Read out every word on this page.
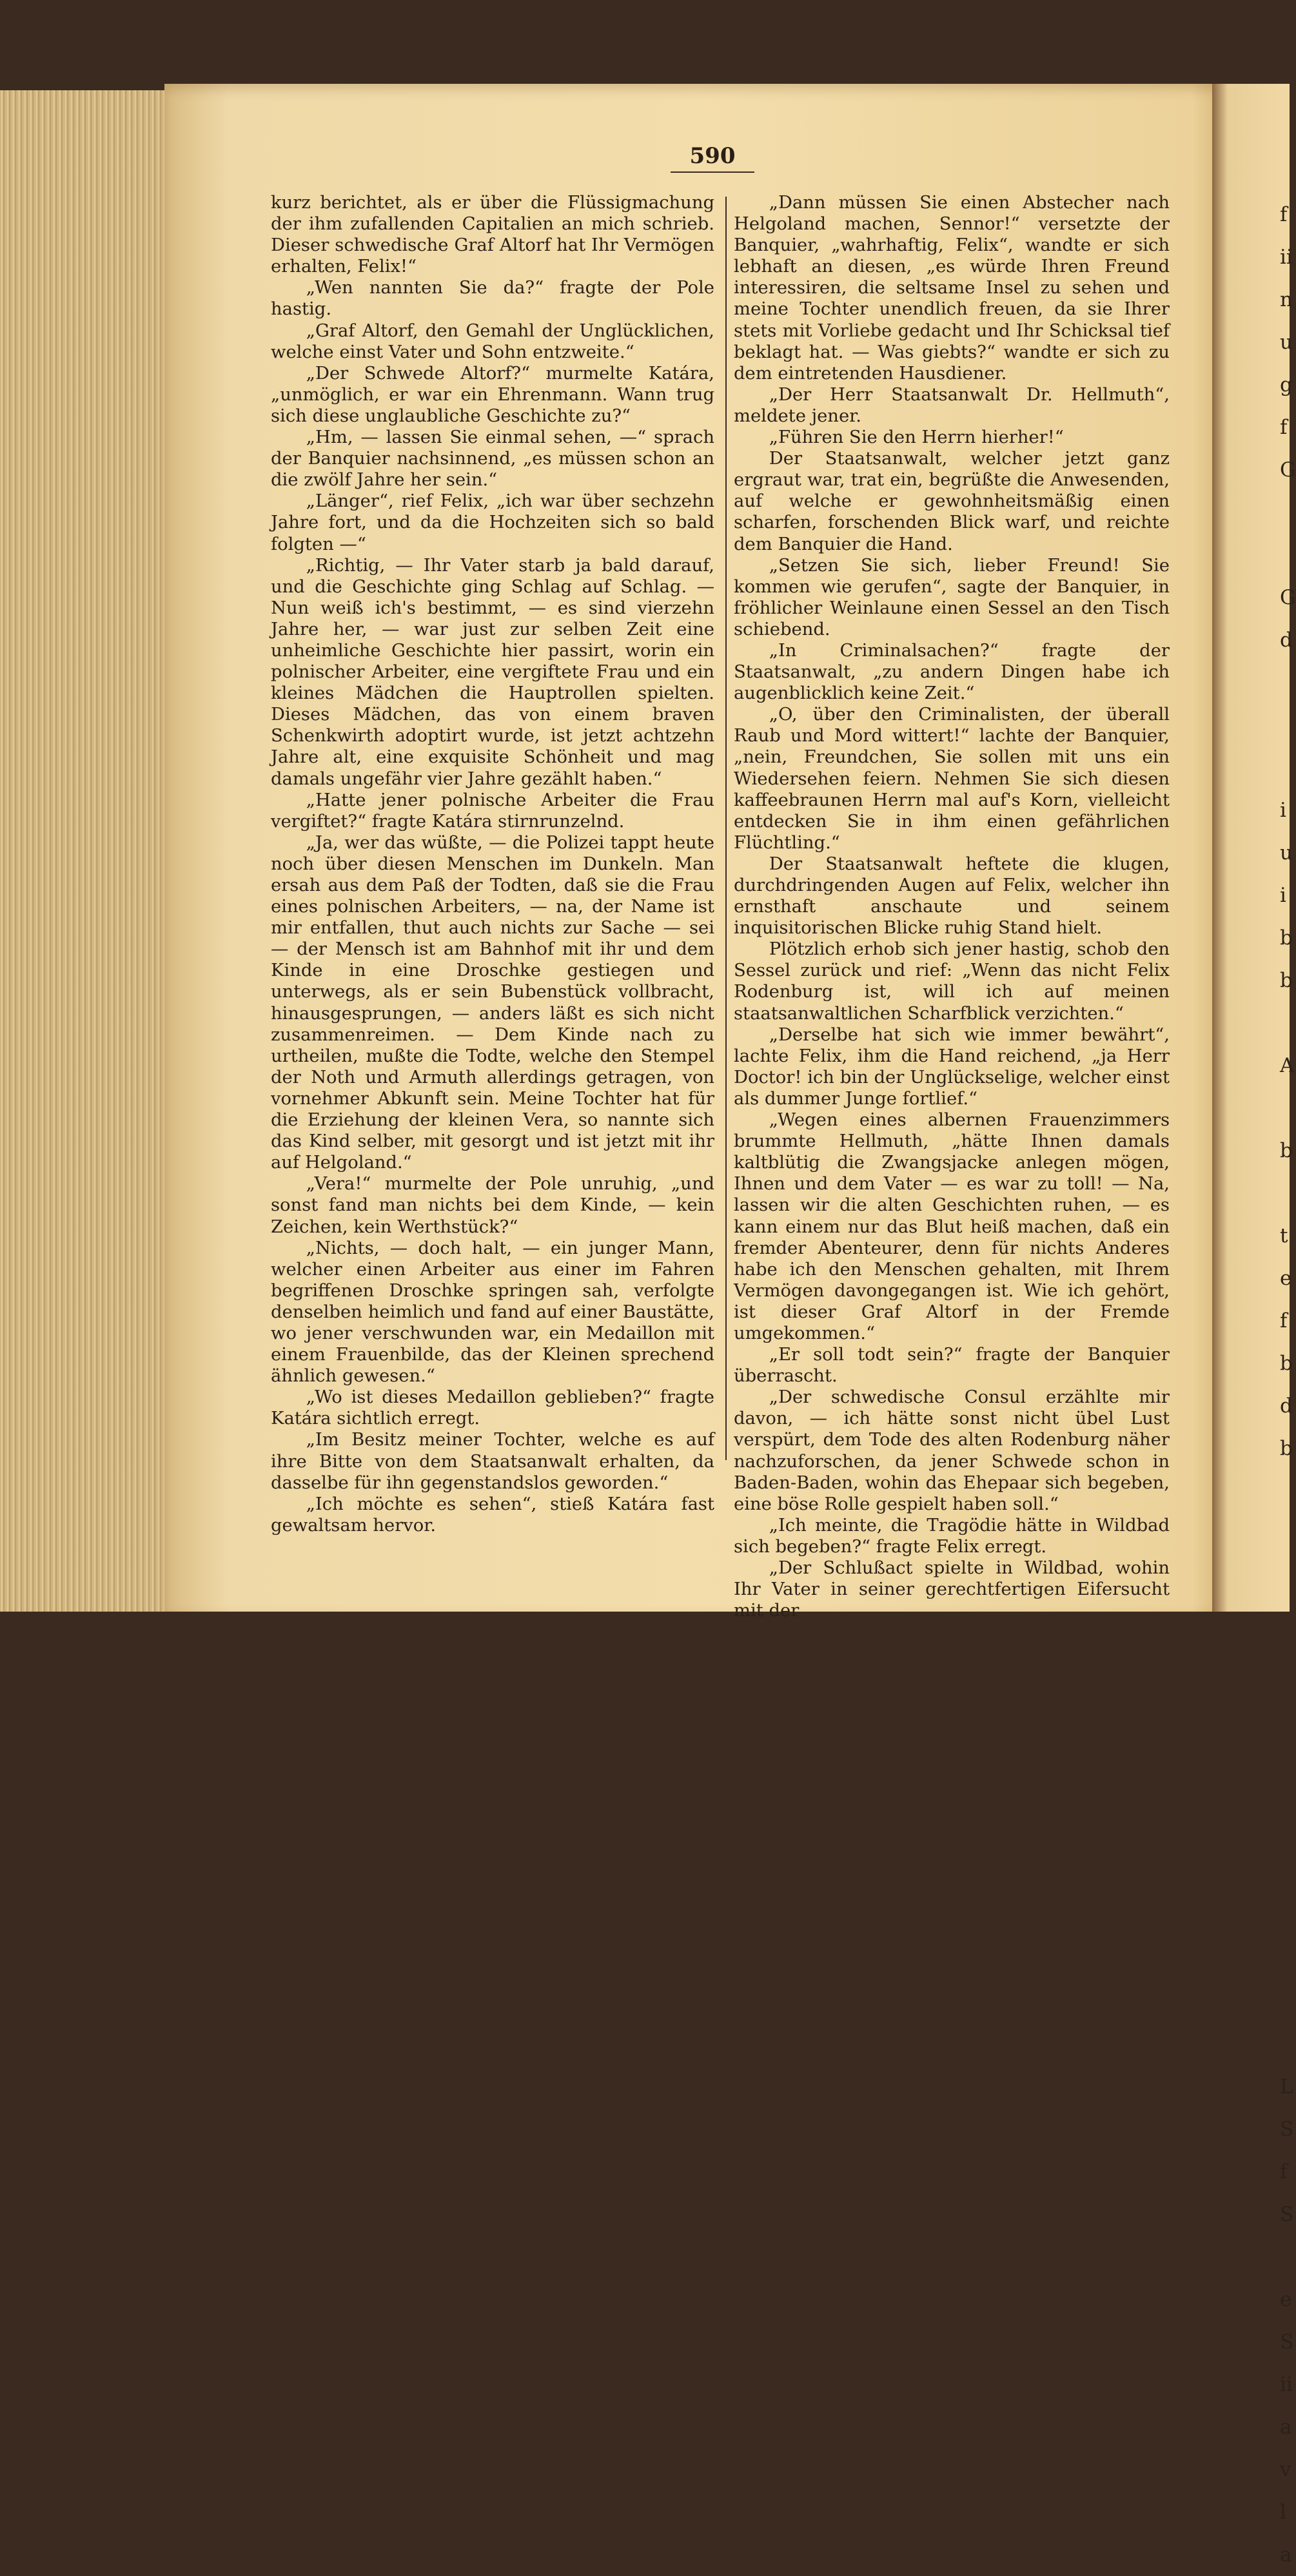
f
ii
n
u
g
f
G

G
d

i
u
i
b
b

A

b

t
e
f
b
d
b

L
S
f
S

e
S
ii
a
v
l
a
590

kurz berichtet, als er über die Flüssigmachung der ihm zufallenden Capitalien an mich schrieb. Dieser schwedische Graf Altorf hat Ihr Vermögen erhalten, Felix!“

„Wen nannten Sie da?“ fragte der Pole hastig.

„Graf Altorf, den Gemahl der Unglücklichen, welche einst Vater und Sohn entzweite.“

„Der Schwede Altorf?“ murmelte Katára, „unmöglich, er war ein Ehrenmann. Wann trug sich diese unglaubliche Geschichte zu?“

„Hm, — lassen Sie einmal sehen, —“ sprach der Banquier nachsinnend, „es müssen schon an die zwölf Jahre her sein.“

„Länger“, rief Felix, „ich war über sechzehn Jahre fort, und da die Hochzeiten sich so bald folgten —“

„Richtig, — Ihr Vater starb ja bald darauf, und die Geschichte ging Schlag auf Schlag. — Nun weiß ich's bestimmt, — es sind vierzehn Jahre her, — war just zur selben Zeit eine unheimliche Geschichte hier passirt, worin ein polnischer Arbeiter, eine vergiftete Frau und ein kleines Mädchen die Hauptrollen spielten. Dieses Mädchen, das von einem braven Schenkwirth adoptirt wurde, ist jetzt achtzehn Jahre alt, eine exquisite Schönheit und mag damals ungefähr vier Jahre gezählt haben.“

„Hatte jener polnische Arbeiter die Frau vergiftet?“ fragte Katára stirnrunzelnd.

„Ja, wer das wüßte, — die Polizei tappt heute noch über diesen Menschen im Dunkeln. Man ersah aus dem Paß der Todten, daß sie die Frau eines polnischen Arbeiters, — na, der Name ist mir entfallen, thut auch nichts zur Sache — sei — der Mensch ist am Bahnhof mit ihr und dem Kinde in eine Droschke gestiegen und unterwegs, als er sein Bubenstück vollbracht, hinausgesprungen, — anders läßt es sich nicht zusammenreimen. — Dem Kinde nach zu urtheilen, mußte die Todte, welche den Stempel der Noth und Armuth allerdings getragen, von vornehmer Abkunft sein. Meine Tochter hat für die Erziehung der kleinen Vera, so nannte sich das Kind selber, mit gesorgt und ist jetzt mit ihr auf Helgoland.“

„Vera!“ murmelte der Pole unruhig, „und sonst fand man nichts bei dem Kinde, — kein Zeichen, kein Werthstück?“

„Nichts, — doch halt, — ein junger Mann, welcher einen Arbeiter aus einer im Fahren begriffenen Droschke springen sah, verfolgte denselben heimlich und fand auf einer Baustätte, wo jener verschwunden war, ein Medaillon mit einem Frauenbilde, das der Kleinen sprechend ähnlich gewesen.“

„Wo ist dieses Medaillon geblieben?“ fragte Katára sichtlich erregt.

„Im Besitz meiner Tochter, welche es auf ihre Bitte von dem Staatsanwalt erhalten, da dasselbe für ihn gegenstandslos geworden.“

„Ich möchte es sehen“, stieß Katára fast gewaltsam hervor.

„Dann müssen Sie einen Abstecher nach Helgoland machen, Sennor!“ versetzte der Banquier, „wahrhaftig, Felix“, wandte er sich lebhaft an diesen, „es würde Ihren Freund interessiren, die seltsame Insel zu sehen und meine Tochter unendlich freuen, da sie Ihrer stets mit Vorliebe gedacht und Ihr Schicksal tief beklagt hat. — Was giebts?“ wandte er sich zu dem eintretenden Hausdiener.

„Der Herr Staatsanwalt Dr. Hellmuth“, meldete jener.

„Führen Sie den Herrn hierher!“

Der Staatsanwalt, welcher jetzt ganz ergraut war, trat ein, begrüßte die Anwesenden, auf welche er gewohnheitsmäßig einen scharfen, forschenden Blick warf, und reichte dem Banquier die Hand.

„Setzen Sie sich, lieber Freund! Sie kommen wie gerufen“, sagte der Banquier, in fröhlicher Weinlaune einen Sessel an den Tisch schiebend.

„In Criminalsachen?“ fragte der Staatsanwalt, „zu andern Dingen habe ich augenblicklich keine Zeit.“

„O, über den Criminalisten, der überall Raub und Mord wittert!“ lachte der Banquier, „nein, Freundchen, Sie sollen mit uns ein Wiedersehen feiern. Nehmen Sie sich diesen kaffeebraunen Herrn mal auf's Korn, vielleicht entdecken Sie in ihm einen gefährlichen Flüchtling.“

Der Staatsanwalt heftete die klugen, durchdringenden Augen auf Felix, welcher ihn ernsthaft anschaute und seinem inquisitorischen Blicke ruhig Stand hielt.

Plötzlich erhob sich jener hastig, schob den Sessel zurück und rief: „Wenn das nicht Felix Rodenburg ist, will ich auf meinen staatsanwaltlichen Scharfblick verzichten.“

„Derselbe hat sich wie immer bewährt“, lachte Felix, ihm die Hand reichend, „ja Herr Doctor! ich bin der Unglückselige, welcher einst als dummer Junge fortlief.“

„Wegen eines albernen Frauenzimmers brummte Hellmuth, „hätte Ihnen damals kaltblütig die Zwangsjacke anlegen mögen, Ihnen und dem Vater — es war zu toll! — Na, lassen wir die alten Geschichten ruhen, — es kann einem nur das Blut heiß machen, daß ein fremder Abenteurer, denn für nichts Anderes habe ich den Menschen gehalten, mit Ihrem Vermögen davongegangen ist. Wie ich gehört, ist dieser Graf Altorf in der Fremde umgekommen.“

„Er soll todt sein?“ fragte der Banquier überrascht.

„Der schwedische Consul erzählte mir davon, — ich hätte sonst nicht übel Lust verspürt, dem Tode des alten Rodenburg näher nachzuforschen, da jener Schwede schon in Baden-Baden, wohin das Ehepaar sich begeben, eine böse Rolle gespielt haben soll.“

„Ich meinte, die Tragödie hätte in Wildbad sich begeben?“ fragte Felix erregt.

„Der Schlußact spielte in Wildbad, wohin Ihr Vater in seiner gerechtfertigen Eifersucht mit der
